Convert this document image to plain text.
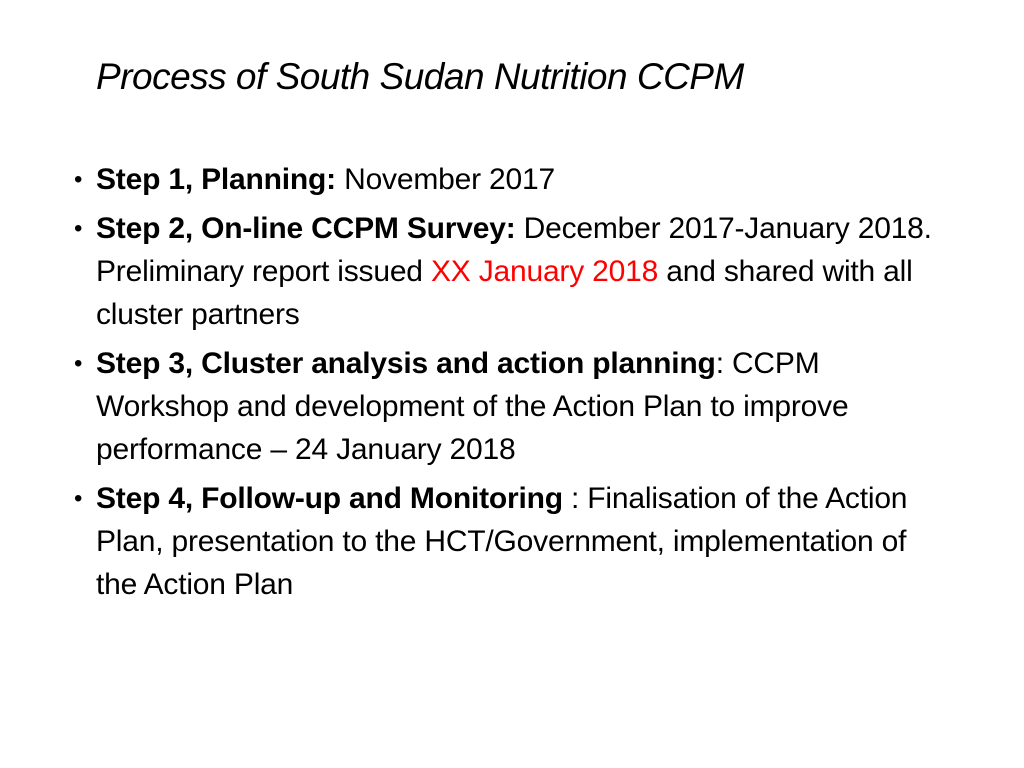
Process of South Sudan Nutrition CCPM
• Step 1, Planning: November 2017
• Step 2, On-line CCPM Survey: December 2017-January 2018. Preliminary report issued XX January 2018 and shared with all cluster partners
• Step 3, Cluster analysis and action planning: CCPM Workshop and development of the Action Plan to improve performance – 24 January 2018
• Step 4, Follow-up and Monitoring : Finalisation of the Action Plan, presentation to the HCT/Government, implementation of the Action Plan
